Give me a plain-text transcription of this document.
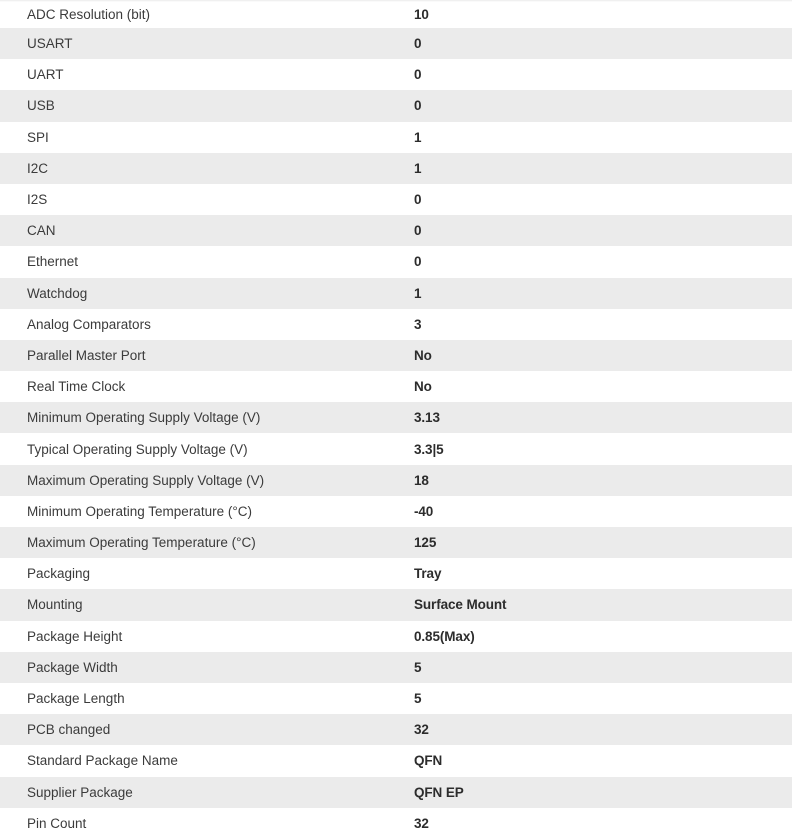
ADC Resolution (bit)	10
USART	0
UART	0
USB	0
SPI	1
I2C	1
I2S	0
CAN	0
Ethernet	0
Watchdog	1
Analog Comparators	3
Parallel Master Port	No
Real Time Clock	No
Minimum Operating Supply Voltage (V)	3.13
Typical Operating Supply Voltage (V)	3.3|5
Maximum Operating Supply Voltage (V)	18
Minimum Operating Temperature (°C)	-40
Maximum Operating Temperature (°C)	125
Packaging	Tray
Mounting	Surface Mount
Package Height	0.85(Max)
Package Width	5
Package Length	5
PCB changed	32
Standard Package Name	QFN
Supplier Package	QFN EP
Pin Count	32
